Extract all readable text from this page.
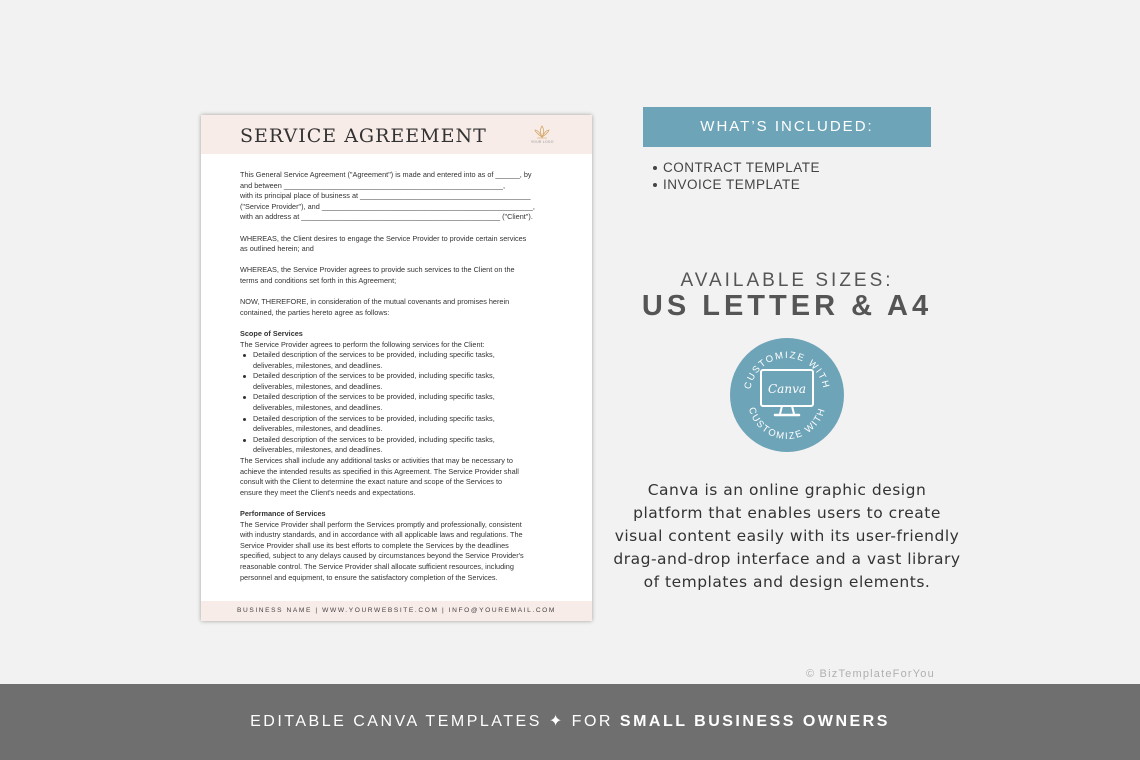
SERVICE AGREEMENT	YOUR LOGO
This General Service Agreement ("Agreement") is made and entered into as of ______, by
and between ______________________________________________________,
with its principal place of business at __________________________________________
("Service Provider"), and ____________________________________________________,
with an address at _________________________________________________ ("Client").
WHEREAS, the Client desires to engage the Service Provider to provide certain services
as outlined herein; and
WHEREAS, the Service Provider agrees to provide such services to the Client on the
terms and conditions set forth in this Agreement;
NOW, THEREFORE, in consideration of the mutual covenants and promises herein
contained, the parties hereto agree as follows:
Scope of Services
The Service Provider agrees to perform the following services for the Client:
Detailed description of the services to be provided, including specific tasks,
deliverables, milestones, and deadlines.
Detailed description of the services to be provided, including specific tasks,
deliverables, milestones, and deadlines.
Detailed description of the services to be provided, including specific tasks,
deliverables, milestones, and deadlines.
Detailed description of the services to be provided, including specific tasks,
deliverables, milestones, and deadlines.
Detailed description of the services to be provided, including specific tasks,
deliverables, milestones, and deadlines.
The Services shall include any additional tasks or activities that may be necessary to
achieve the intended results as specified in this Agreement. The Service Provider shall
consult with the Client to determine the exact nature and scope of the Services to
ensure they meet the Client's needs and expectations.
Performance of Services
The Service Provider shall perform the Services promptly and professionally, consistent
with industry standards, and in accordance with all applicable laws and regulations. The
Service Provider shall use its best efforts to complete the Services by the deadlines
specified, subject to any delays caused by circumstances beyond the Service Provider's
reasonable control. The Service Provider shall allocate sufficient resources, including
personnel and equipment, to ensure the satisfactory completion of the Services.
BUSINESS NAME | WWW.YOURWEBSITE.COM | INFO@YOUREMAIL.COM
WHAT’S INCLUDED:
CONTRACT TEMPLATE
INVOICE TEMPLATE
AVAILABLE SIZES:
US LETTER & A4
CUSTOMIZE WITH
CUSTOMIZE WITH
Canva
Canva is an online graphic design platform that enables users to create visual content easily with its user-friendly drag-and-drop interface and a vast library of templates and design elements.
© BizTemplateForYou
EDITABLE CANVA TEMPLATES ✦ FOR SMALL BUSINESS OWNERS
